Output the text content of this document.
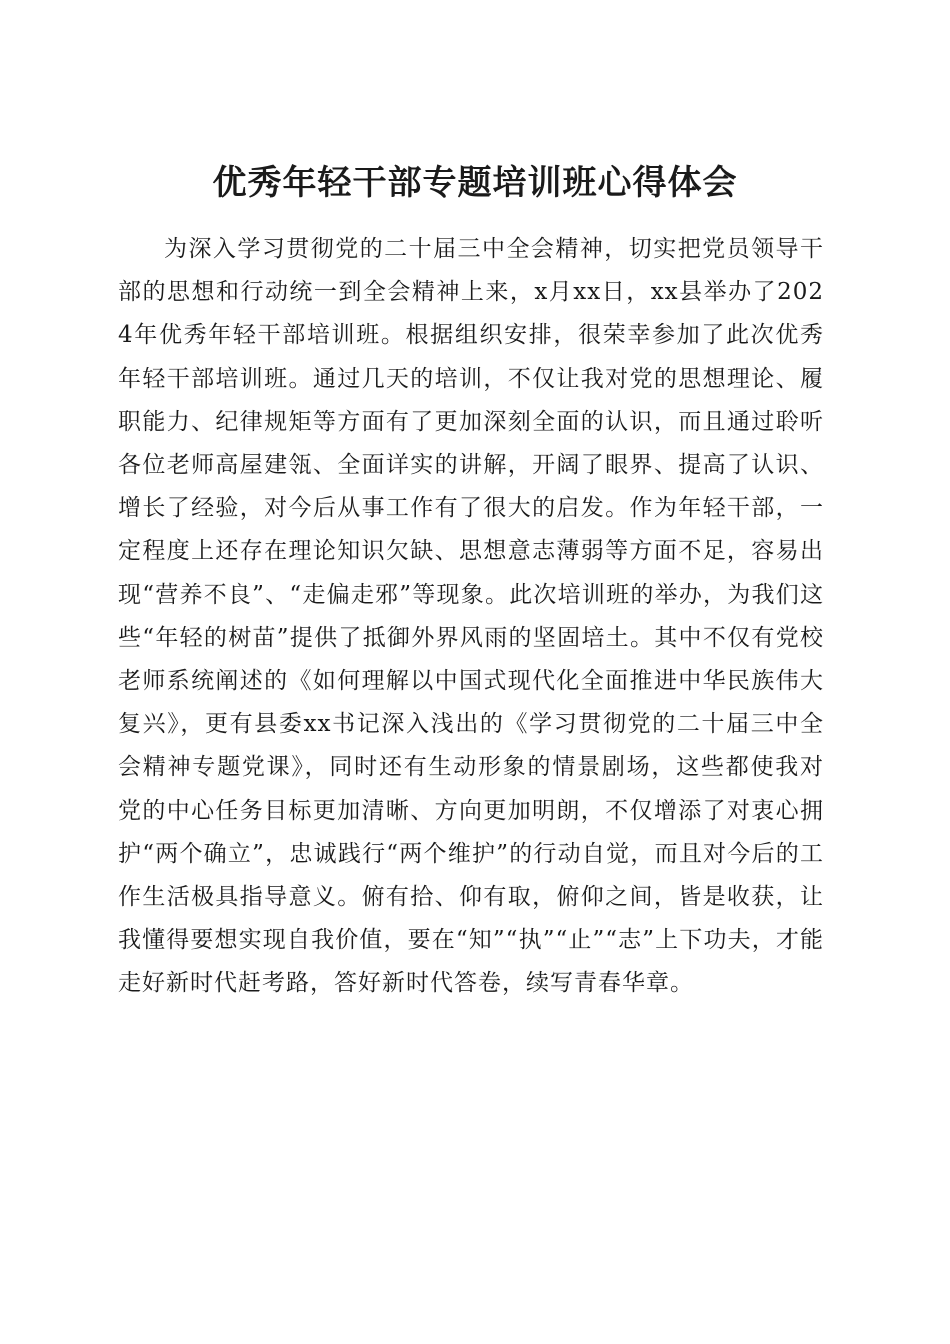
优秀年轻干部专题培训班心得体会

为深入学习贯彻党的二十届三中全会精神，切实把党员领导干部的思想和行动统一到全会精神上来，x月xx日，xx县举办了2024年优秀年轻干部培训班。根据组织安排，很荣幸参加了此次优秀年轻干部培训班。通过几天的培训，不仅让我对党的思想理论、履职能力、纪律规矩等方面有了更加深刻全面的认识，而且通过聆听各位老师高屋建瓴、全面详实的讲解，开阔了眼界、提高了认识、增长了经验，对今后从事工作有了很大的启发。作为年轻干部，一定程度上还存在理论知识欠缺、思想意志薄弱等方面不足，容易出现“营养不良”、“走偏走邪”等现象。此次培训班的举办，为我们这些“年轻的树苗”提供了抵御外界风雨的坚固培土。其中不仅有党校老师系统阐述的《如何理解以中国式现代化全面推进中华民族伟大复兴》，更有县委xx书记深入浅出的《学习贯彻党的二十届三中全会精神专题党课》，同时还有生动形象的情景剧场，这些都使我对党的中心任务目标更加清晰、方向更加明朗，不仅增添了对衷心拥护“两个确立”，忠诚践行“两个维护”的行动自觉，而且对今后的工作生活极具指导意义。俯有拾、仰有取，俯仰之间，皆是收获，让我懂得要想实现自我价值，要在“知”“执”“止”“志”上下功夫，才能走好新时代赶考路，答好新时代答卷，续写青春华章。
